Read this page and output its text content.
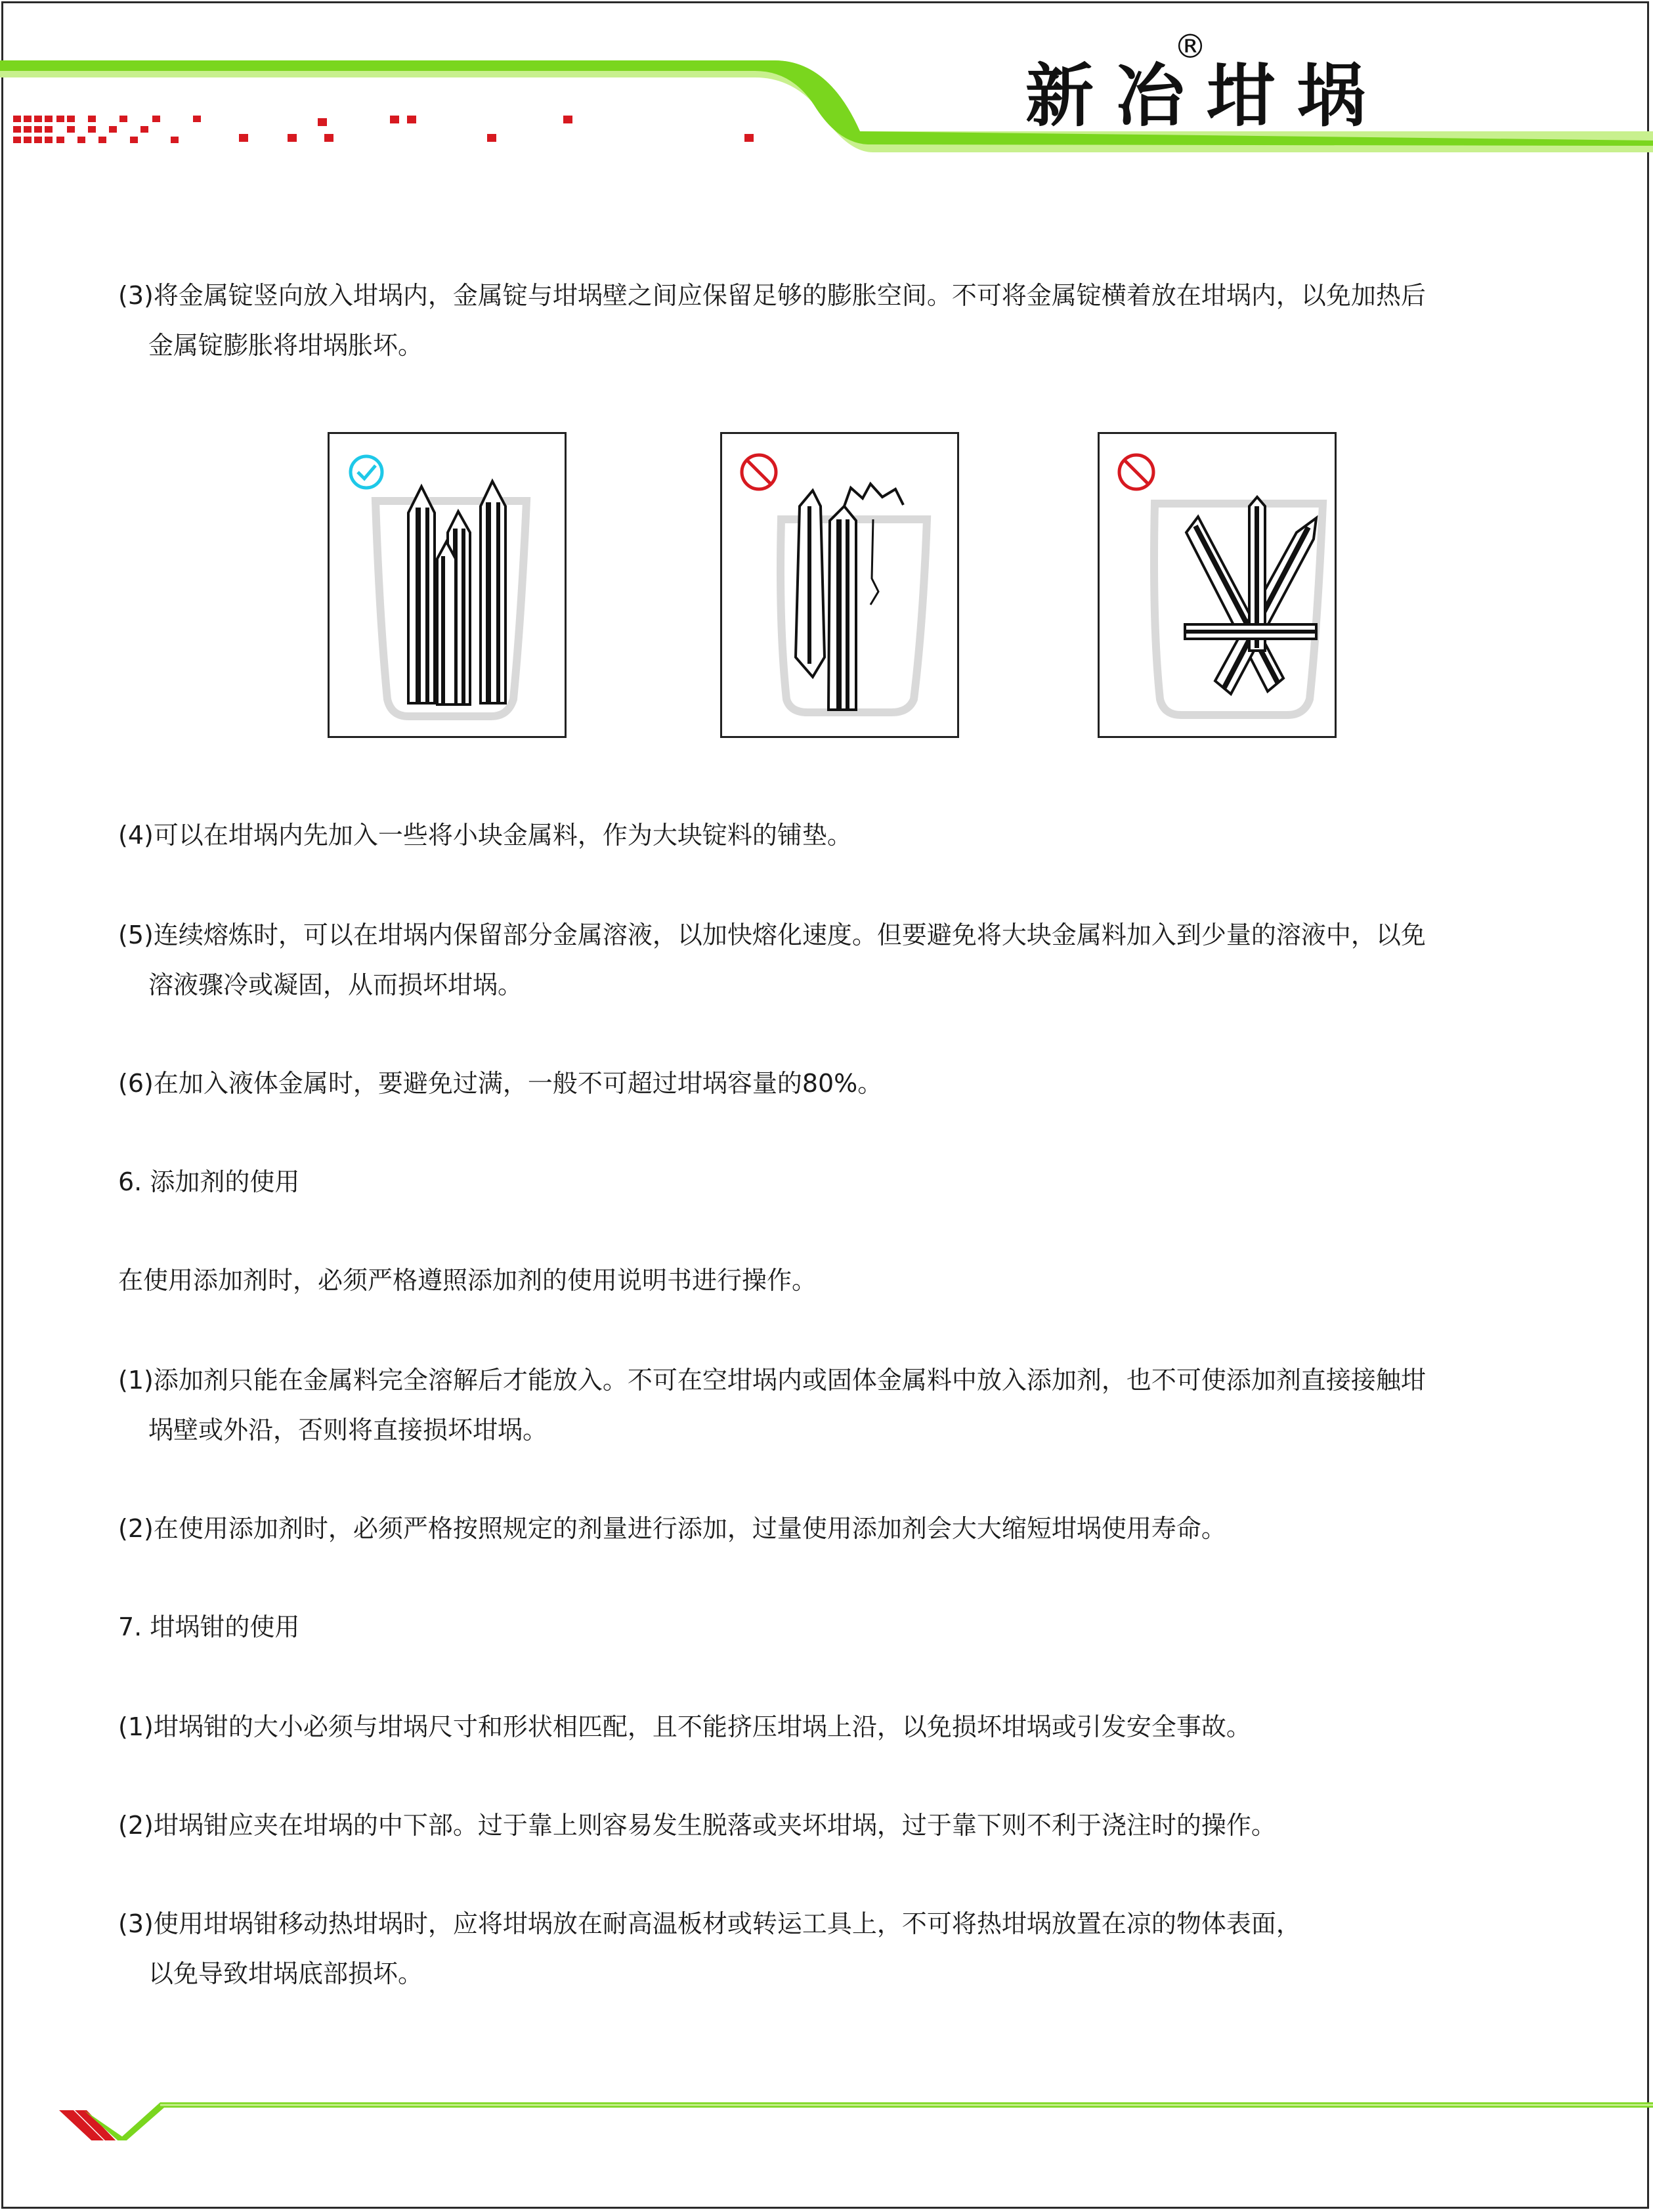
新冶坩埚
®
(3)将金属锭竖向放入坩埚内，金属锭与坩埚壁之间应保留足够的膨胀空间。不可将金属锭横着放在坩埚内，以免加热后
金属锭膨胀将坩埚胀坏。
(4)可以在坩埚内先加入一些将小块金属料，作为大块锭料的铺垫。
(5)连续熔炼时，可以在坩埚内保留部分金属溶液，以加快熔化速度。但要避免将大块金属料加入到少量的溶液中，以免
溶液骤冷或凝固，从而损坏坩埚。
(6)在加入液体金属时，要避免过满，一般不可超过坩埚容量的80%。
6. 添加剂的使用
在使用添加剂时，必须严格遵照添加剂的使用说明书进行操作。
(1)添加剂只能在金属料完全溶解后才能放入。不可在空坩埚内或固体金属料中放入添加剂，也不可使添加剂直接接触坩
埚壁或外沿，否则将直接损坏坩埚。
(2)在使用添加剂时，必须严格按照规定的剂量进行添加，过量使用添加剂会大大缩短坩埚使用寿命。
7. 坩埚钳的使用
(1)坩埚钳的大小必须与坩埚尺寸和形状相匹配，且不能挤压坩埚上沿，以免损坏坩埚或引发安全事故。
(2)坩埚钳应夹在坩埚的中下部。过于靠上则容易发生脱落或夹坏坩埚，过于靠下则不利于浇注时的操作。
(3)使用坩埚钳移动热坩埚时，应将坩埚放在耐高温板材或转运工具上，不可将热坩埚放置在凉的物体表面，
以免导致坩埚底部损坏。
